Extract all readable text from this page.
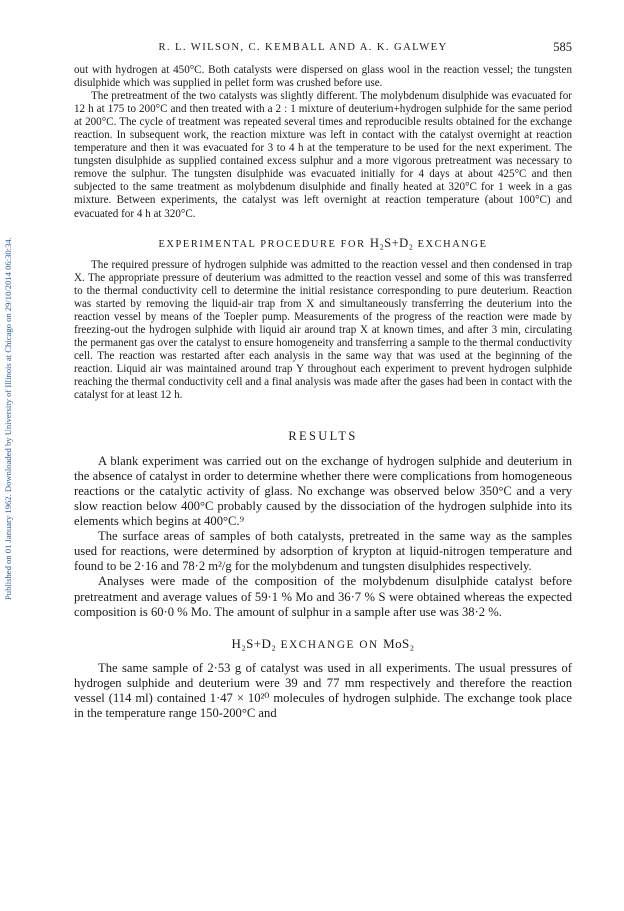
Published on 01 January 1962. Downloaded by University of Illinois at Chicago on 29/10/2014 06:30:34.
R. L. WILSON, C. KEMBALL AND A. K. GALWEY	585

out with hydrogen at 450°C. Both catalysts were dispersed on glass wool in the reaction vessel; the tungsten disulphide which was supplied in pellet form was crushed before use.

The pretreatment of the two catalysts was slightly different. The molybdenum disulphide was evacuated for 12 h at 175 to 200°C and then treated with a 2 : 1 mixture of deuterium+hydrogen sulphide for the same period at 200°C. The cycle of treatment was repeated several times and reproducible results obtained for the exchange reaction. In subsequent work, the reaction mixture was left in contact with the catalyst overnight at reaction temperature and then it was evacuated for 3 to 4 h at the temperature to be used for the next experiment. The tungsten disulphide as supplied contained excess sulphur and a more vigorous pretreatment was necessary to remove the sulphur. The tungsten disulphide was evacuated initially for 4 days at about 425°C and then subjected to the same treatment as molybdenum disulphide and finally heated at 320°C for 1 week in a gas mixture. Between experiments, the catalyst was left overnight at reaction temperature (about 100°C) and evacuated for 4 h at 320°C.

EXPERIMENTAL PROCEDURE FOR H₂S+D₂ EXCHANGE

The required pressure of hydrogen sulphide was admitted to the reaction vessel and then condensed in trap X. The appropriate pressure of deuterium was admitted to the reaction vessel and some of this was transferred to the thermal conductivity cell to determine the initial resistance corresponding to pure deuterium. Reaction was started by removing the liquid-air trap from X and simultaneously transferring the deuterium into the reaction vessel by means of the Toepler pump. Measurements of the progress of the reaction were made by freezing-out the hydrogen sulphide with liquid air around trap X at known times, and after 3 min, circulating the permanent gas over the catalyst to ensure homogeneity and transferring a sample to the thermal conductivity cell. The reaction was restarted after each analysis in the same way that was used at the beginning of the reaction. Liquid air was maintained around trap Y throughout each experiment to prevent hydrogen sulphide reaching the thermal conductivity cell and a final analysis was made after the gases had been in contact with the catalyst for at least 12 h.

RESULTS

A blank experiment was carried out on the exchange of hydrogen sulphide and deuterium in the absence of catalyst in order to determine whether there were complications from homogeneous reactions or the catalytic activity of glass. No exchange was observed below 350°C and a very slow reaction below 400°C probably caused by the dissociation of the hydrogen sulphide into its elements which begins at 400°C.⁹

The surface areas of samples of both catalysts, pretreated in the same way as the samples used for reactions, were determined by adsorption of krypton at liquid-nitrogen temperature and found to be 2·16 and 78·2 m²/g for the molybdenum and tungsten disulphides respectively.

Analyses were made of the composition of the molybdenum disulphide catalyst before pretreatment and average values of 59·1 % Mo and 36·7 % S were obtained whereas the expected composition is 60·0 % Mo. The amount of sulphur in a sample after use was 38·2 %.

H₂S+D₂ EXCHANGE ON MoS₂

The same sample of 2·53 g of catalyst was used in all experiments. The usual pressures of hydrogen sulphide and deuterium were 39 and 77 mm respectively and therefore the reaction vessel (114 ml) contained 1·47 × 10²⁰ molecules of hydrogen sulphide. The exchange took place in the temperature range 150-200°C and
